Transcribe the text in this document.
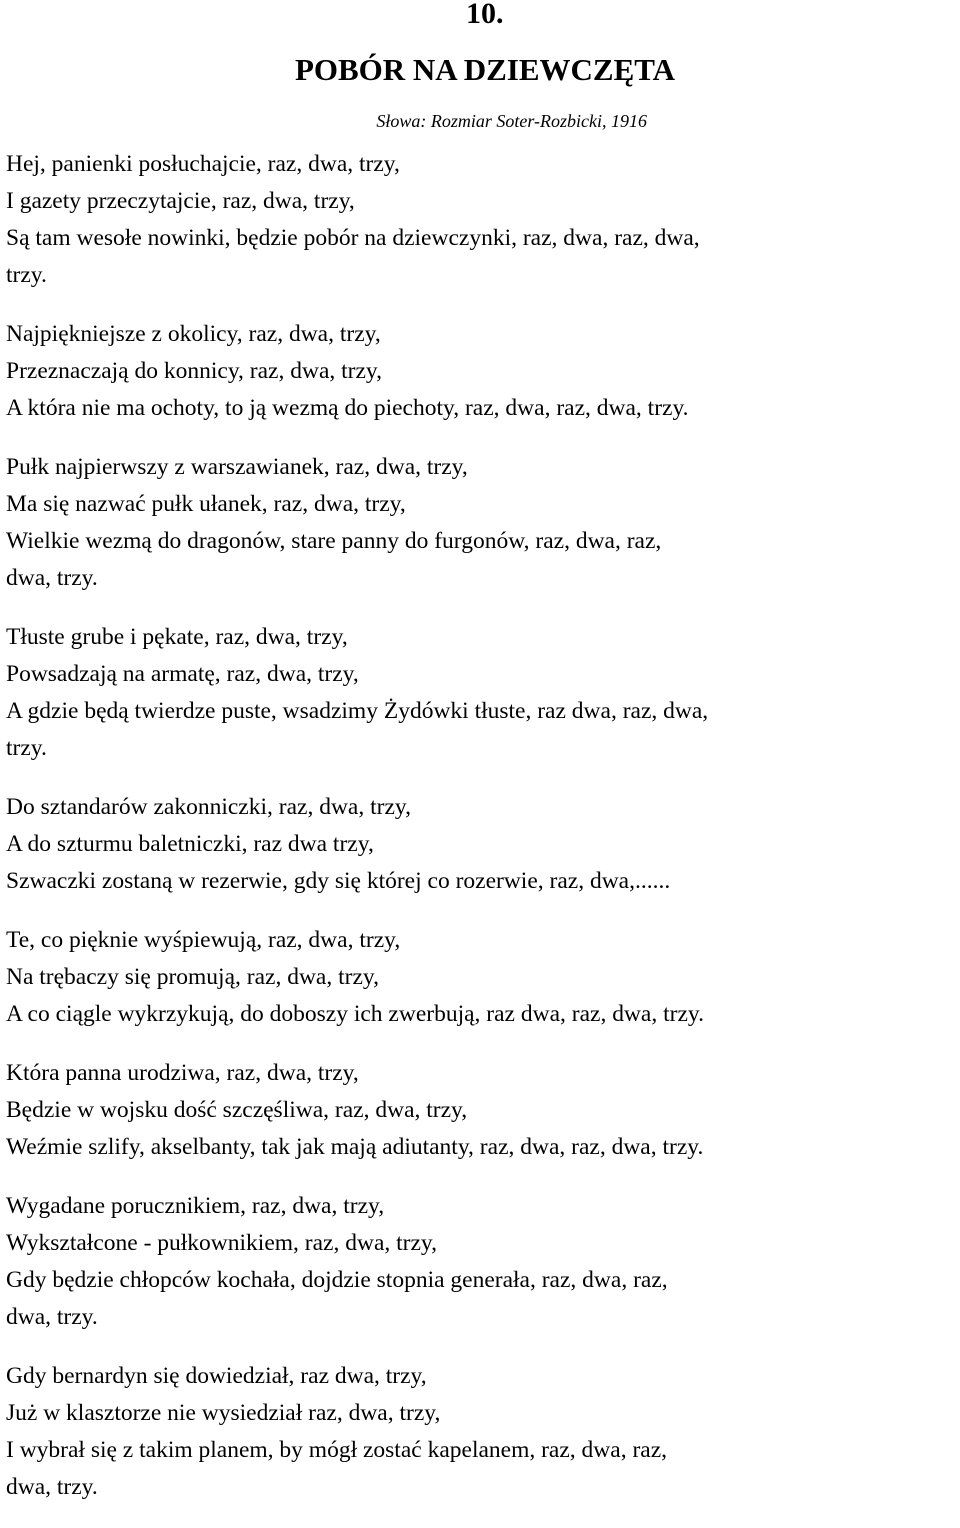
10.
POBÓR NA DZIEWCZĘTA
Słowa: Rozmiar Soter-Rozbicki, 1916
Hej, panienki posłuchajcie, raz, dwa, trzy,
I gazety przeczytajcie, raz, dwa, trzy,
Są tam wesołe nowinki, będzie pobór na dziewczynki, raz, dwa, raz, dwa,
trzy.
Najpiękniejsze z okolicy, raz, dwa, trzy,
Przeznaczają do konnicy, raz, dwa, trzy,
A która nie ma ochoty, to ją wezmą do piechoty, raz, dwa, raz, dwa, trzy.
Pułk najpierwszy z warszawianek, raz, dwa, trzy,
Ma się nazwać pułk ułanek, raz, dwa, trzy,
Wielkie wezmą do dragonów, stare panny do furgonów, raz, dwa, raz,
dwa, trzy.
Tłuste grube i pękate, raz, dwa, trzy,
Powsadzają na armatę, raz, dwa, trzy,
A gdzie będą twierdze puste, wsadzimy Żydówki tłuste, raz dwa, raz, dwa,
trzy.
Do sztandarów zakonniczki, raz, dwa, trzy,
A do szturmu baletniczki, raz dwa trzy,
Szwaczki zostaną w rezerwie, gdy się której co rozerwie, raz, dwa,......
Te, co pięknie wyśpiewują, raz, dwa, trzy,
Na trębaczy się promują, raz, dwa, trzy,
A co ciągle wykrzykują, do doboszy ich zwerbują, raz dwa, raz, dwa, trzy.
Która panna urodziwa, raz, dwa, trzy,
Będzie w wojsku dość szczęśliwa, raz, dwa, trzy,
Weźmie szlify, akselbanty, tak jak mają adiutanty, raz, dwa, raz, dwa, trzy.
Wygadane porucznikiem, raz, dwa, trzy,
Wykształcone - pułkownikiem, raz, dwa, trzy,
Gdy będzie chłopców kochała, dojdzie stopnia generała, raz, dwa, raz,
dwa, trzy.
Gdy bernardyn się dowiedział, raz dwa, trzy,
Już w klasztorze nie wysiedział raz, dwa, trzy,
I wybrał się z takim planem, by mógł zostać kapelanem, raz, dwa, raz,
dwa, trzy.
